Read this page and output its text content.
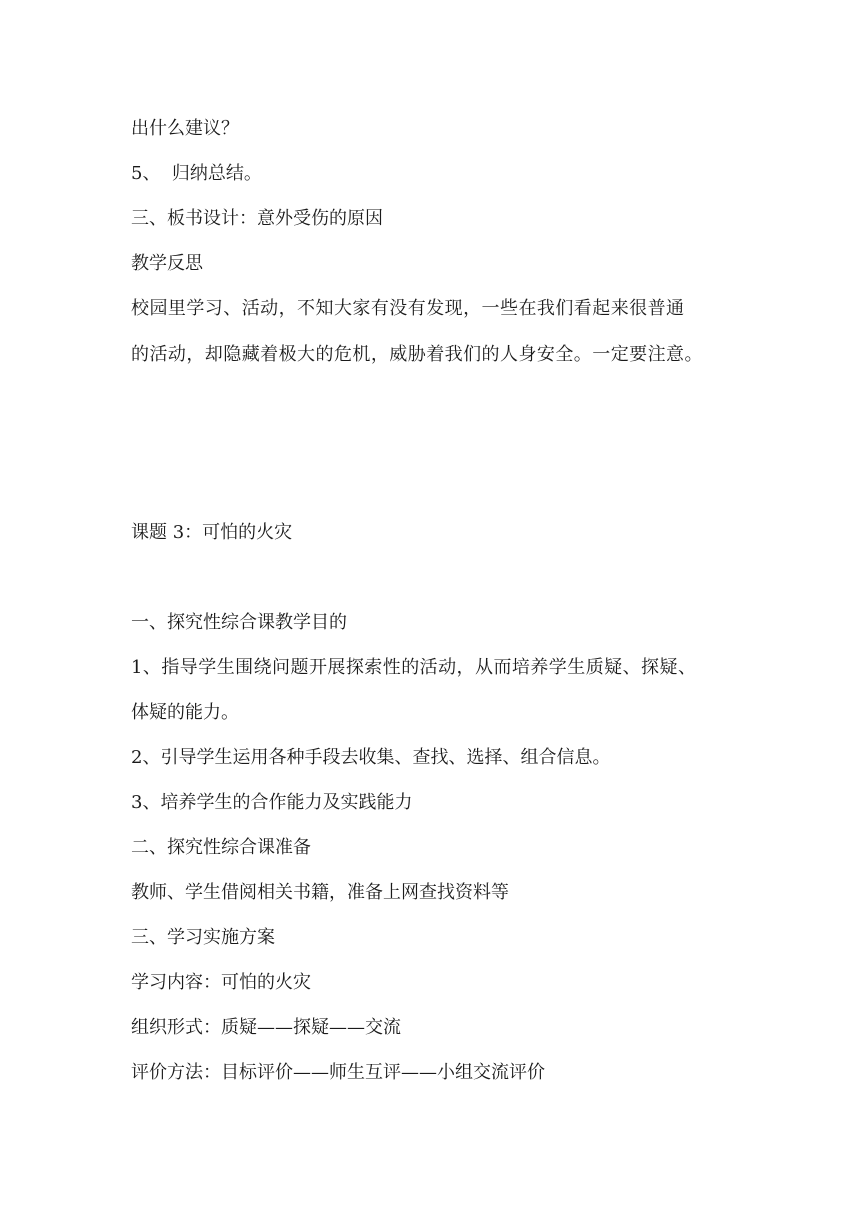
出什么建议？

5、  归纳总结。

三、板书设计：意外受伤的原因

教学反思

校园里学习、活动，不知大家有没有发现，一些在我们看起来很普通

的活动，却隐藏着极大的危机，威胁着我们的人身安全。一定要注意。

课题 3：可怕的火灾

一、探究性综合课教学目的

1、指导学生围绕问题开展探索性的活动，从而培养学生质疑、探疑、

体疑的能力。

2、引导学生运用各种手段去收集、查找、选择、组合信息。

3、培养学生的合作能力及实践能力

二、探究性综合课准备

教师、学生借阅相关书籍，准备上网查找资料等

三、学习实施方案

学习内容：可怕的火灾

组织形式：质疑——探疑——交流

评价方法：目标评价——师生互评——小组交流评价
